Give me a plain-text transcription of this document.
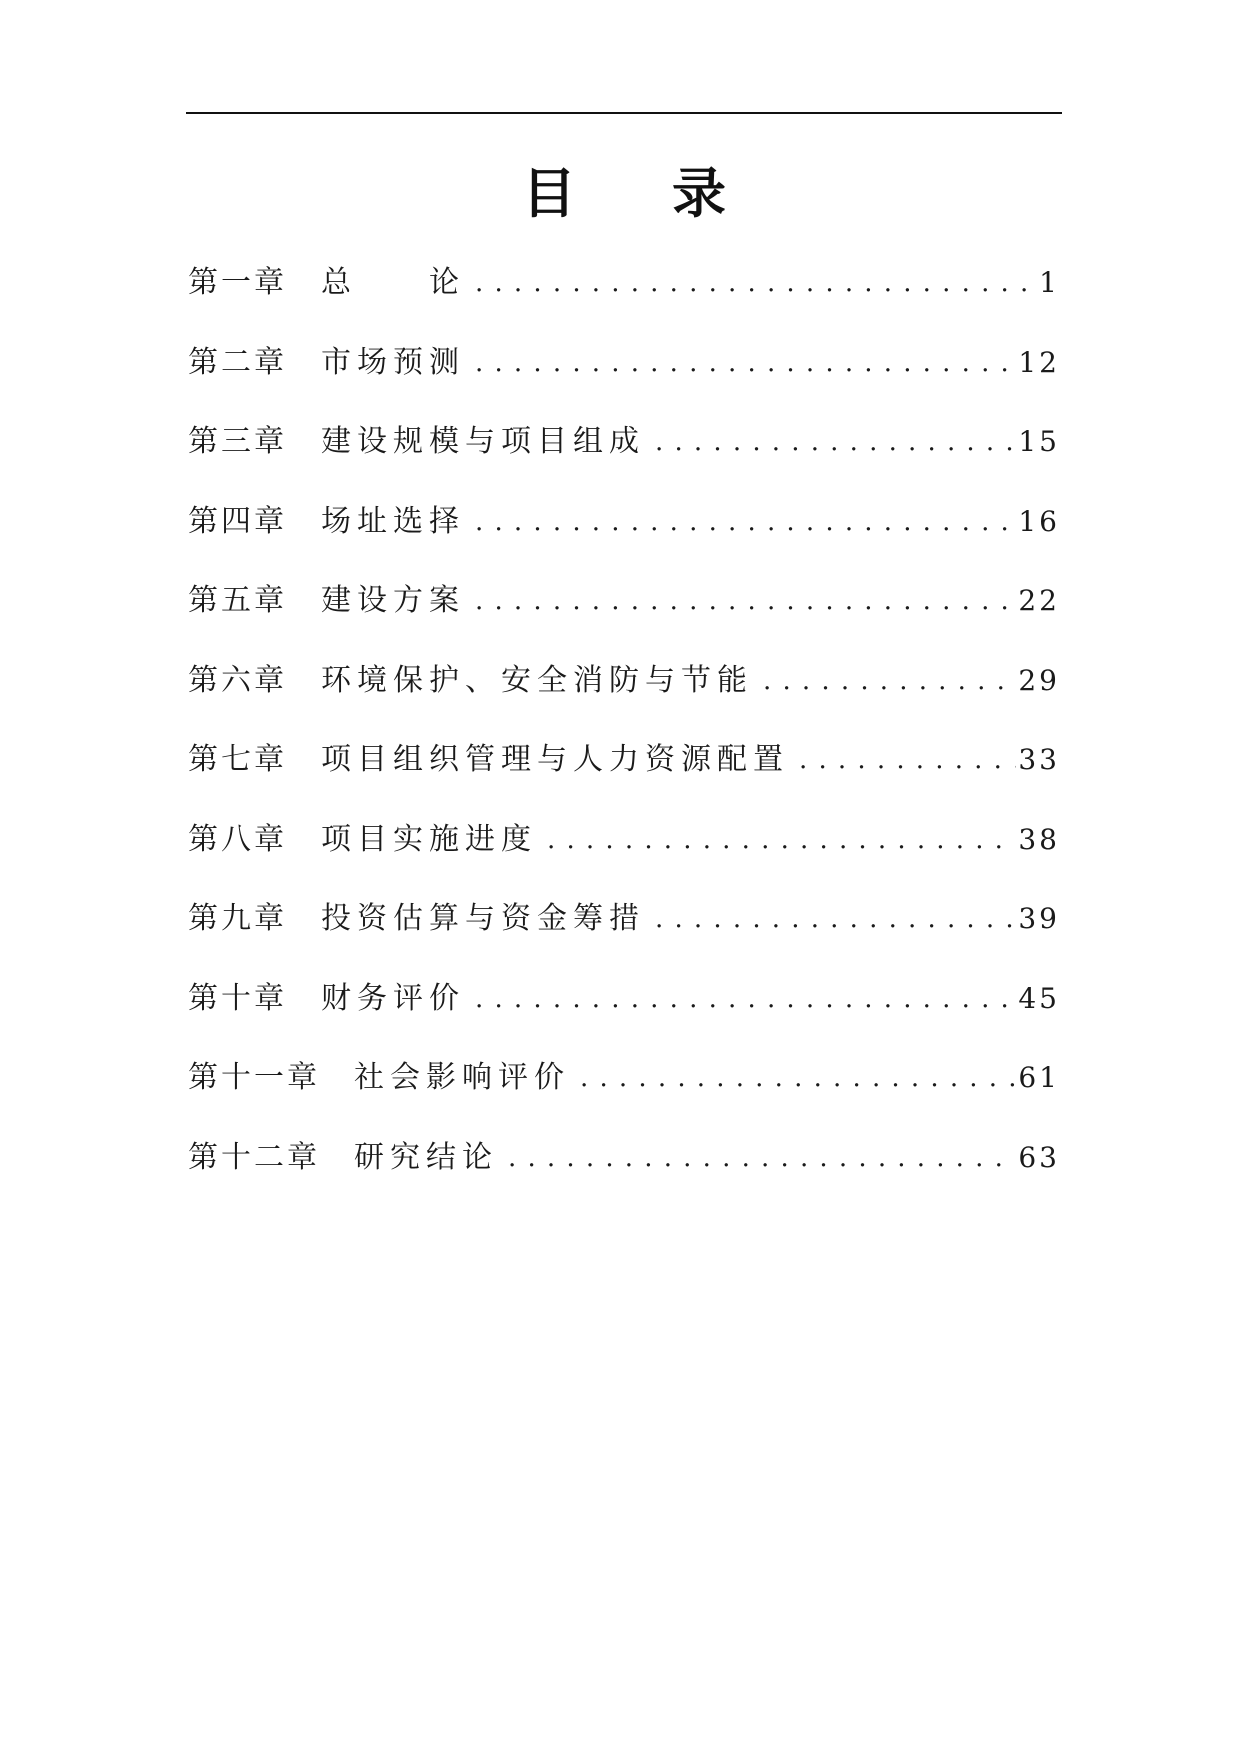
目录
第一章	总　　论 .....	1
第二章	市场预测 .....	12
第三章	建设规模与项目组成 .....	15
第四章	场址选择 .....	16
第五章	建设方案 .....	22
第六章	环境保护、安全消防与节能 .....	29
第七章	项目组织管理与人力资源配置 .....	33
第八章	项目实施进度 .....	38
第九章	投资估算与资金筹措 .....	39
第十章	财务评价 .....	45
第十一章	社会影响评价 .....	61
第十二章	研究结论 .....	63
